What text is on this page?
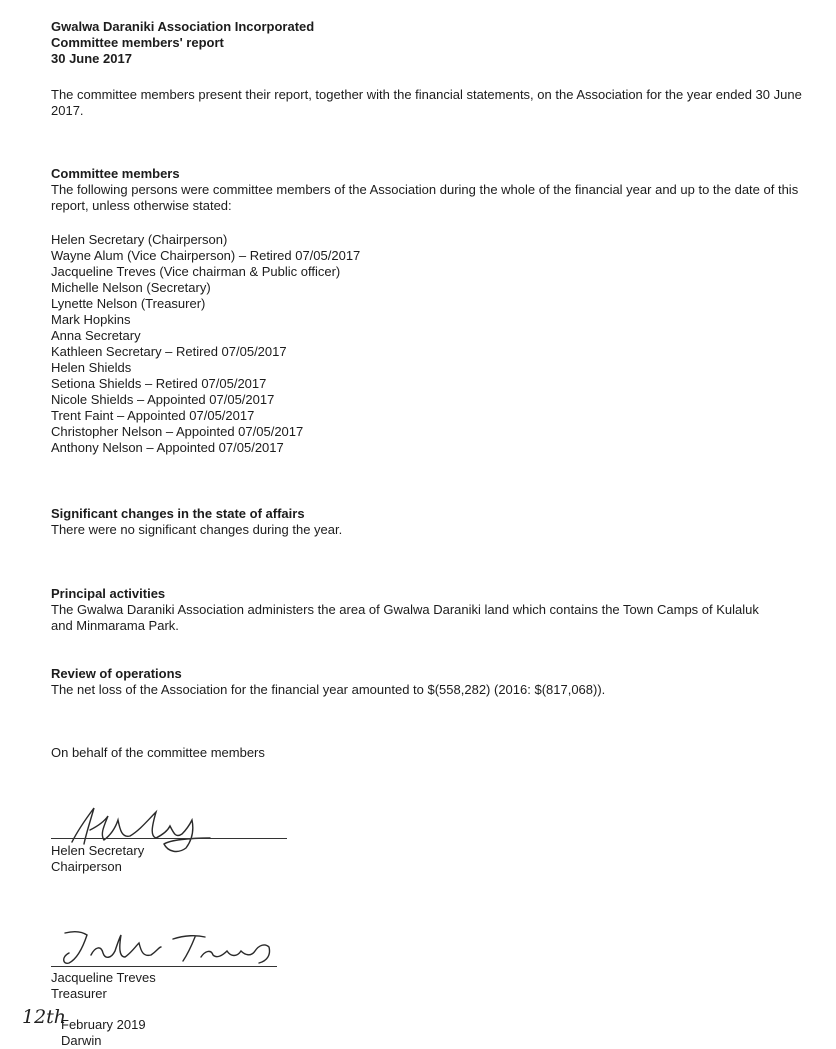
Gwalwa Daraniki Association Incorporated
Committee members' report
30 June 2017
The committee members present their report, together with the financial statements, on the Association for the year ended 30 June 2017.
Committee members
The following persons were committee members of the Association during the whole of the financial year and up to the date of this report, unless otherwise stated:
Helen Secretary (Chairperson)
Wayne Alum (Vice Chairperson) – Retired 07/05/2017
Jacqueline Treves (Vice chairman & Public officer)
Michelle Nelson (Secretary)
Lynette Nelson (Treasurer)
Mark Hopkins
Anna Secretary
Kathleen Secretary – Retired 07/05/2017
Helen Shields
Setiona Shields – Retired 07/05/2017
Nicole Shields – Appointed 07/05/2017
Trent Faint – Appointed 07/05/2017
Christopher Nelson – Appointed 07/05/2017
Anthony Nelson – Appointed 07/05/2017
Significant changes in the state of affairs
There were no significant changes during the year.
Principal activities
The Gwalwa Daraniki Association administers the area of Gwalwa Daraniki land which contains the Town Camps of Kulaluk and Minmarama Park.
Review of operations
The net loss of the Association for the financial year amounted to $(558,282) (2016: $(817,068)).
On behalf of the committee members
Helen Secretary
Chairperson
Jacqueline Treves
Treasurer
12th
February 2019
Darwin
